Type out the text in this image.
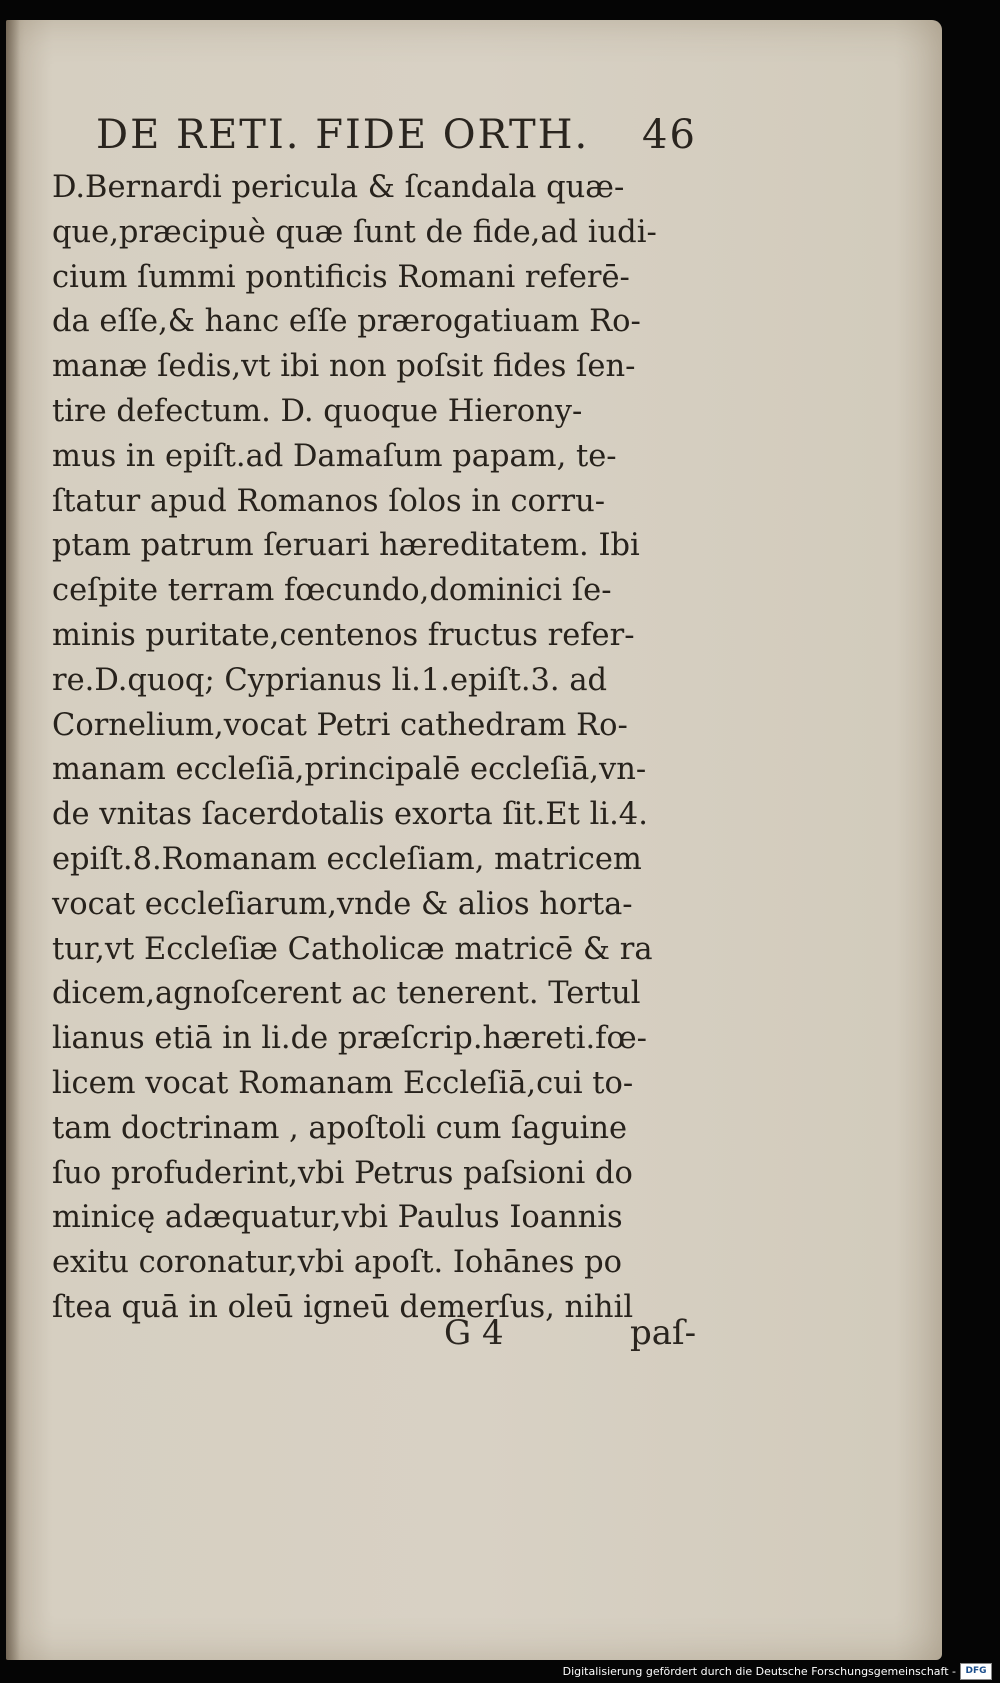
DE RETI. FIDE ORTH. 46
D.Bernardi pericula & ſcandala quæ-
que,præcipuè quæ ſunt de fide,ad iudi-
cium ſummi pontificis Romani referē-
da eſſe,& hanc eſſe prærogatiuam Ro-
manæ ſedis,vt ibi non poſsit fides ſen-
tire defectum. D. quoque Hierony-
mus in epiſt.ad Damaſum papam, te-
ſtatur apud Romanos ſolos in corru-
ptam patrum ſeruari hæreditatem. Ibi
ceſpite terram fœcundo,dominici ſe-
minis puritate,centenos fructus refer-
re.D.quoq; Cyprianus li.1.epiſt.3. ad
Cornelium,vocat Petri cathedram Ro-
manam eccleſiā,principalē eccleſiā,vn-
de vnitas ſacerdotalis exorta ſit.Et li.4.
epiſt.8.Romanam eccleſiam, matricem
vocat eccleſiarum,vnde & alios horta-
tur,vt Eccleſiæ Catholicæ matricē & ra
dicem,agnoſcerent ac tenerent. Tertul
lianus etiā in li.de præſcrip.hæreti.fœ-
licem vocat Romanam Eccleſiā,cui to-
tam doctrinam , apoſtoli cum ſaguine
ſuo profuderint,vbi Petrus paſsioni do
minicę adæquatur,vbi Paulus Ioannis
exitu coronatur,vbi apoſt. Iohānes po
ſtea quā in oleū igneū demerſus, nihil
G 4	paſ-
Digitalisierung gefördert durch die Deutsche Forschungsgemeinschaft -	DFG
